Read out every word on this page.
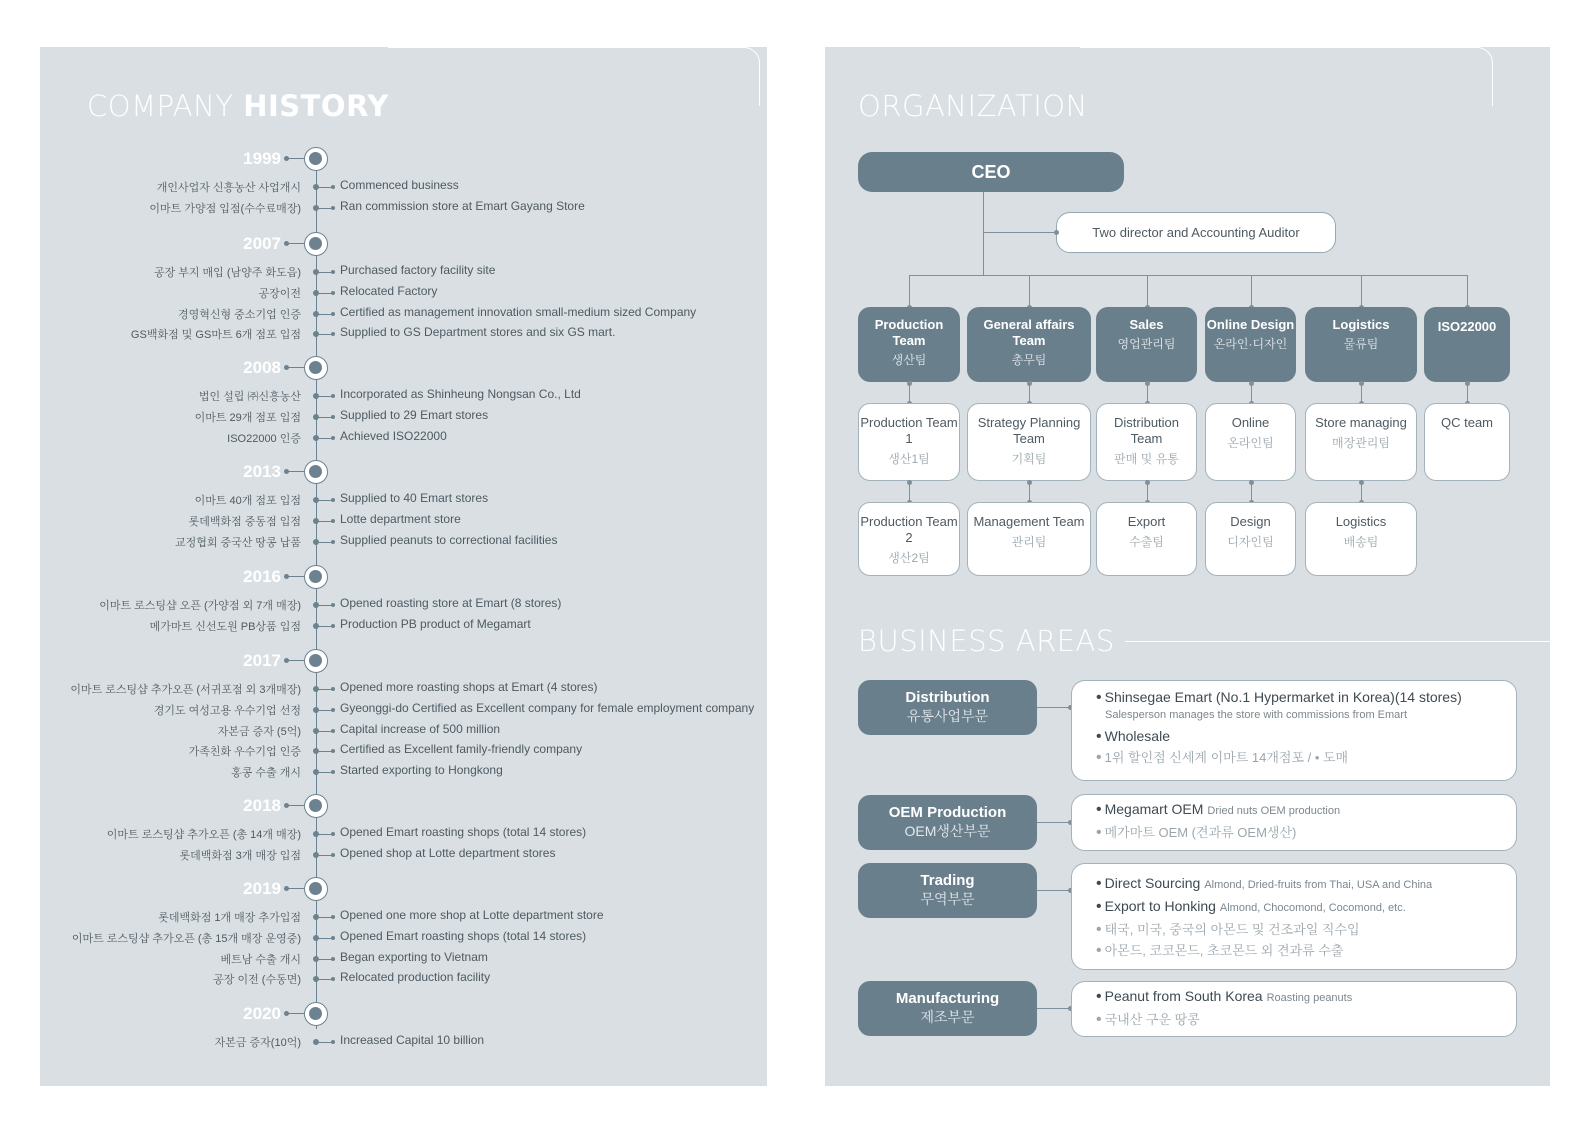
COMPANY HISTORY
1999
개인사업자 신흥농산 사업개시	Commenced business
이마트 가양점 입점(수수료매장)	Ran commission store at Emart Gayang Store
2007
공장 부지 매입 (남양주 화도읍)	Purchased factory facility site
공장이전	Relocated Factory
경영혁신형 중소기업 인증	Certified as management innovation small-medium sized Company
GS백화점 및 GS마트 6개 점포 입점	Supplied to GS Department stores and six GS mart.
2008
법인 설립 ㈜신흥농산	Incorporated as Shinheung Nongsan Co., Ltd
이마트 29개 점포 입점	Supplied to 29 Emart stores
ISO22000 인증	Achieved ISO22000
2013
이마트 40개 점포 입점	Supplied to 40 Emart stores
롯데백화점 중동점 입점	Lotte department store
교정협회 중국산 땅콩 납품	Supplied peanuts to correctional facilities
2016
이마트 로스팅샵 오픈 (가양점 외 7개 매장)	Opened roasting store at Emart (8 stores)
메가마트 신선도원 PB상품 입점	Production PB product of Megamart
2017
이마트 로스팅샵 추가오픈 (서귀포점 외 3개매장)	Opened more roasting shops at Emart (4 stores)
경기도 여성고용 우수기업 선정	Gyeonggi-do Certified as Excellent company for female employment company
자본금 증자 (5억)	Capital increase of 500 million
가족친화 우수기업 인증	Certified as Excellent family-friendly company
홍콩 수출 개시	Started exporting to Hongkong
2018
이마트 로스팅샵 추가오픈 (총 14개 매장)	Opened Emart roasting shops (total 14 stores)
롯데백화점 3개 매장 입점	Opened shop at Lotte department stores
2019
롯데백화점 1개 매장 추가입점	Opened one more shop at Lotte department store
이마트 로스팅샵 추가오픈 (총 15개 매장 운영중)	Opened Emart roasting shops (total 14 stores)
베트남 수출 개시	Began exporting to Vietnam
공장 이전 (수동면)	Relocated production facility
2020
자본금 증자(10억)	Increased Capital 10 billion
ORGANIZATION
CEO
Two director and Accounting Auditor
Production Team
생산팀
General affairs Team
총무팀
Sales
영업관리팀
Online Design
온라인·디자인
Logistics
물류팀
ISO22000
Production Team 1
생산1팀
Strategy Planning Team
기획팀
Distribution Team
판매 및 유통
Online
온라인팀
Store managing
매장관리팀
QC team
Production Team 2
생산2팀
Management Team
관리팀
Export
수출팀
Design
디자인팀
Logistics
배송팀
BUSINESS AREAS
Distribution
유통사업부문
• Shinsegae Emart (No.1 Hypermarket in Korea)(14 stores)
Salesperson manages the store with commissions from Emart
• Wholesale
• 1위 할인점 신세계 이마트 14개점포 / • 도매
OEM Production
OEM생산부문
• Megamart OEM Dried nuts OEM production
• 메가마트 OEM (견과류 OEM생산)
Trading
무역부문
• Direct Sourcing Almond, Dried-fruits from Thai, USA and China
• Export to Honking Almond, Chocomond, Cocomond, etc.
• 태국, 미국, 중국의 아몬드 및 건조과일 직수입
• 아몬드, 코코몬드, 초코몬드 외 견과류 수출
Manufacturing
제조부문
• Peanut from South Korea Roasting peanuts
• 국내산 구운 땅콩
